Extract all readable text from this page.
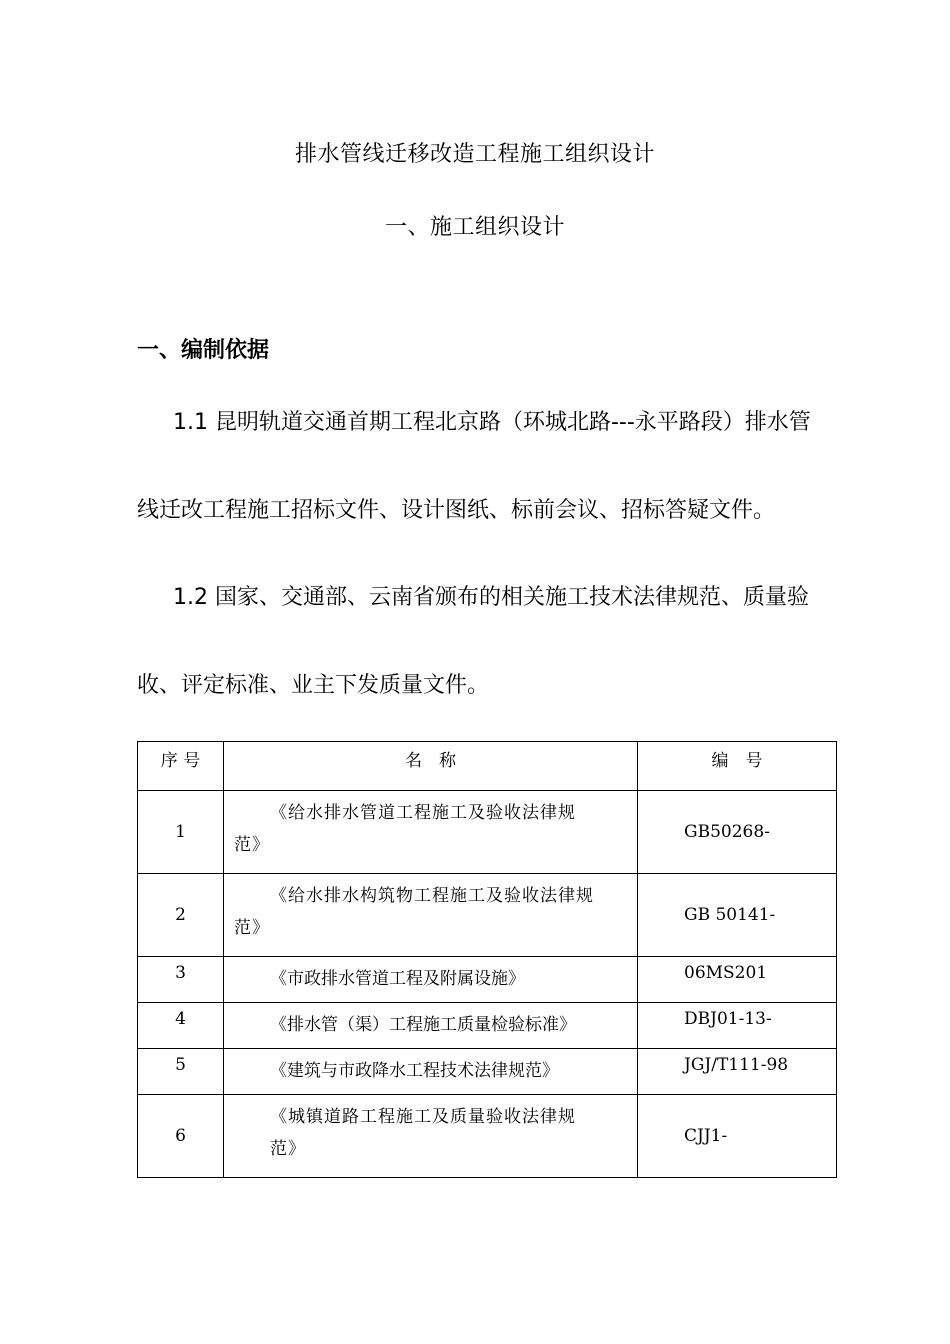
排水管线迁移改造工程施工组织设计
一、施工组织设计
一、编制依据
1.1 昆明轨道交通首期工程北京路（环城北路---永平路段）排水管
线迁改工程施工招标文件、设计图纸、标前会议、招标答疑文件。
1.2 国家、交通部、云南省颁布的相关施工技术法律规范、质量验
收、评定标准、业主下发质量文件。
序 号	名　称	编　号
1	《给水排水管道工程施工及验收法律规
范》	GB50268-
2	《给水排水构筑物工程施工及验收法律规
范》	GB 50141-
3	《市政排水管道工程及附属设施》	06MS201
4	《排水管（渠）工程施工质量检验标准》	DBJ01-13-
5	《建筑与市政降水工程技术法律规范》	JGJ/T111-98
6	《城镇道路工程施工及质量验收法律规
范》	CJJ1-
